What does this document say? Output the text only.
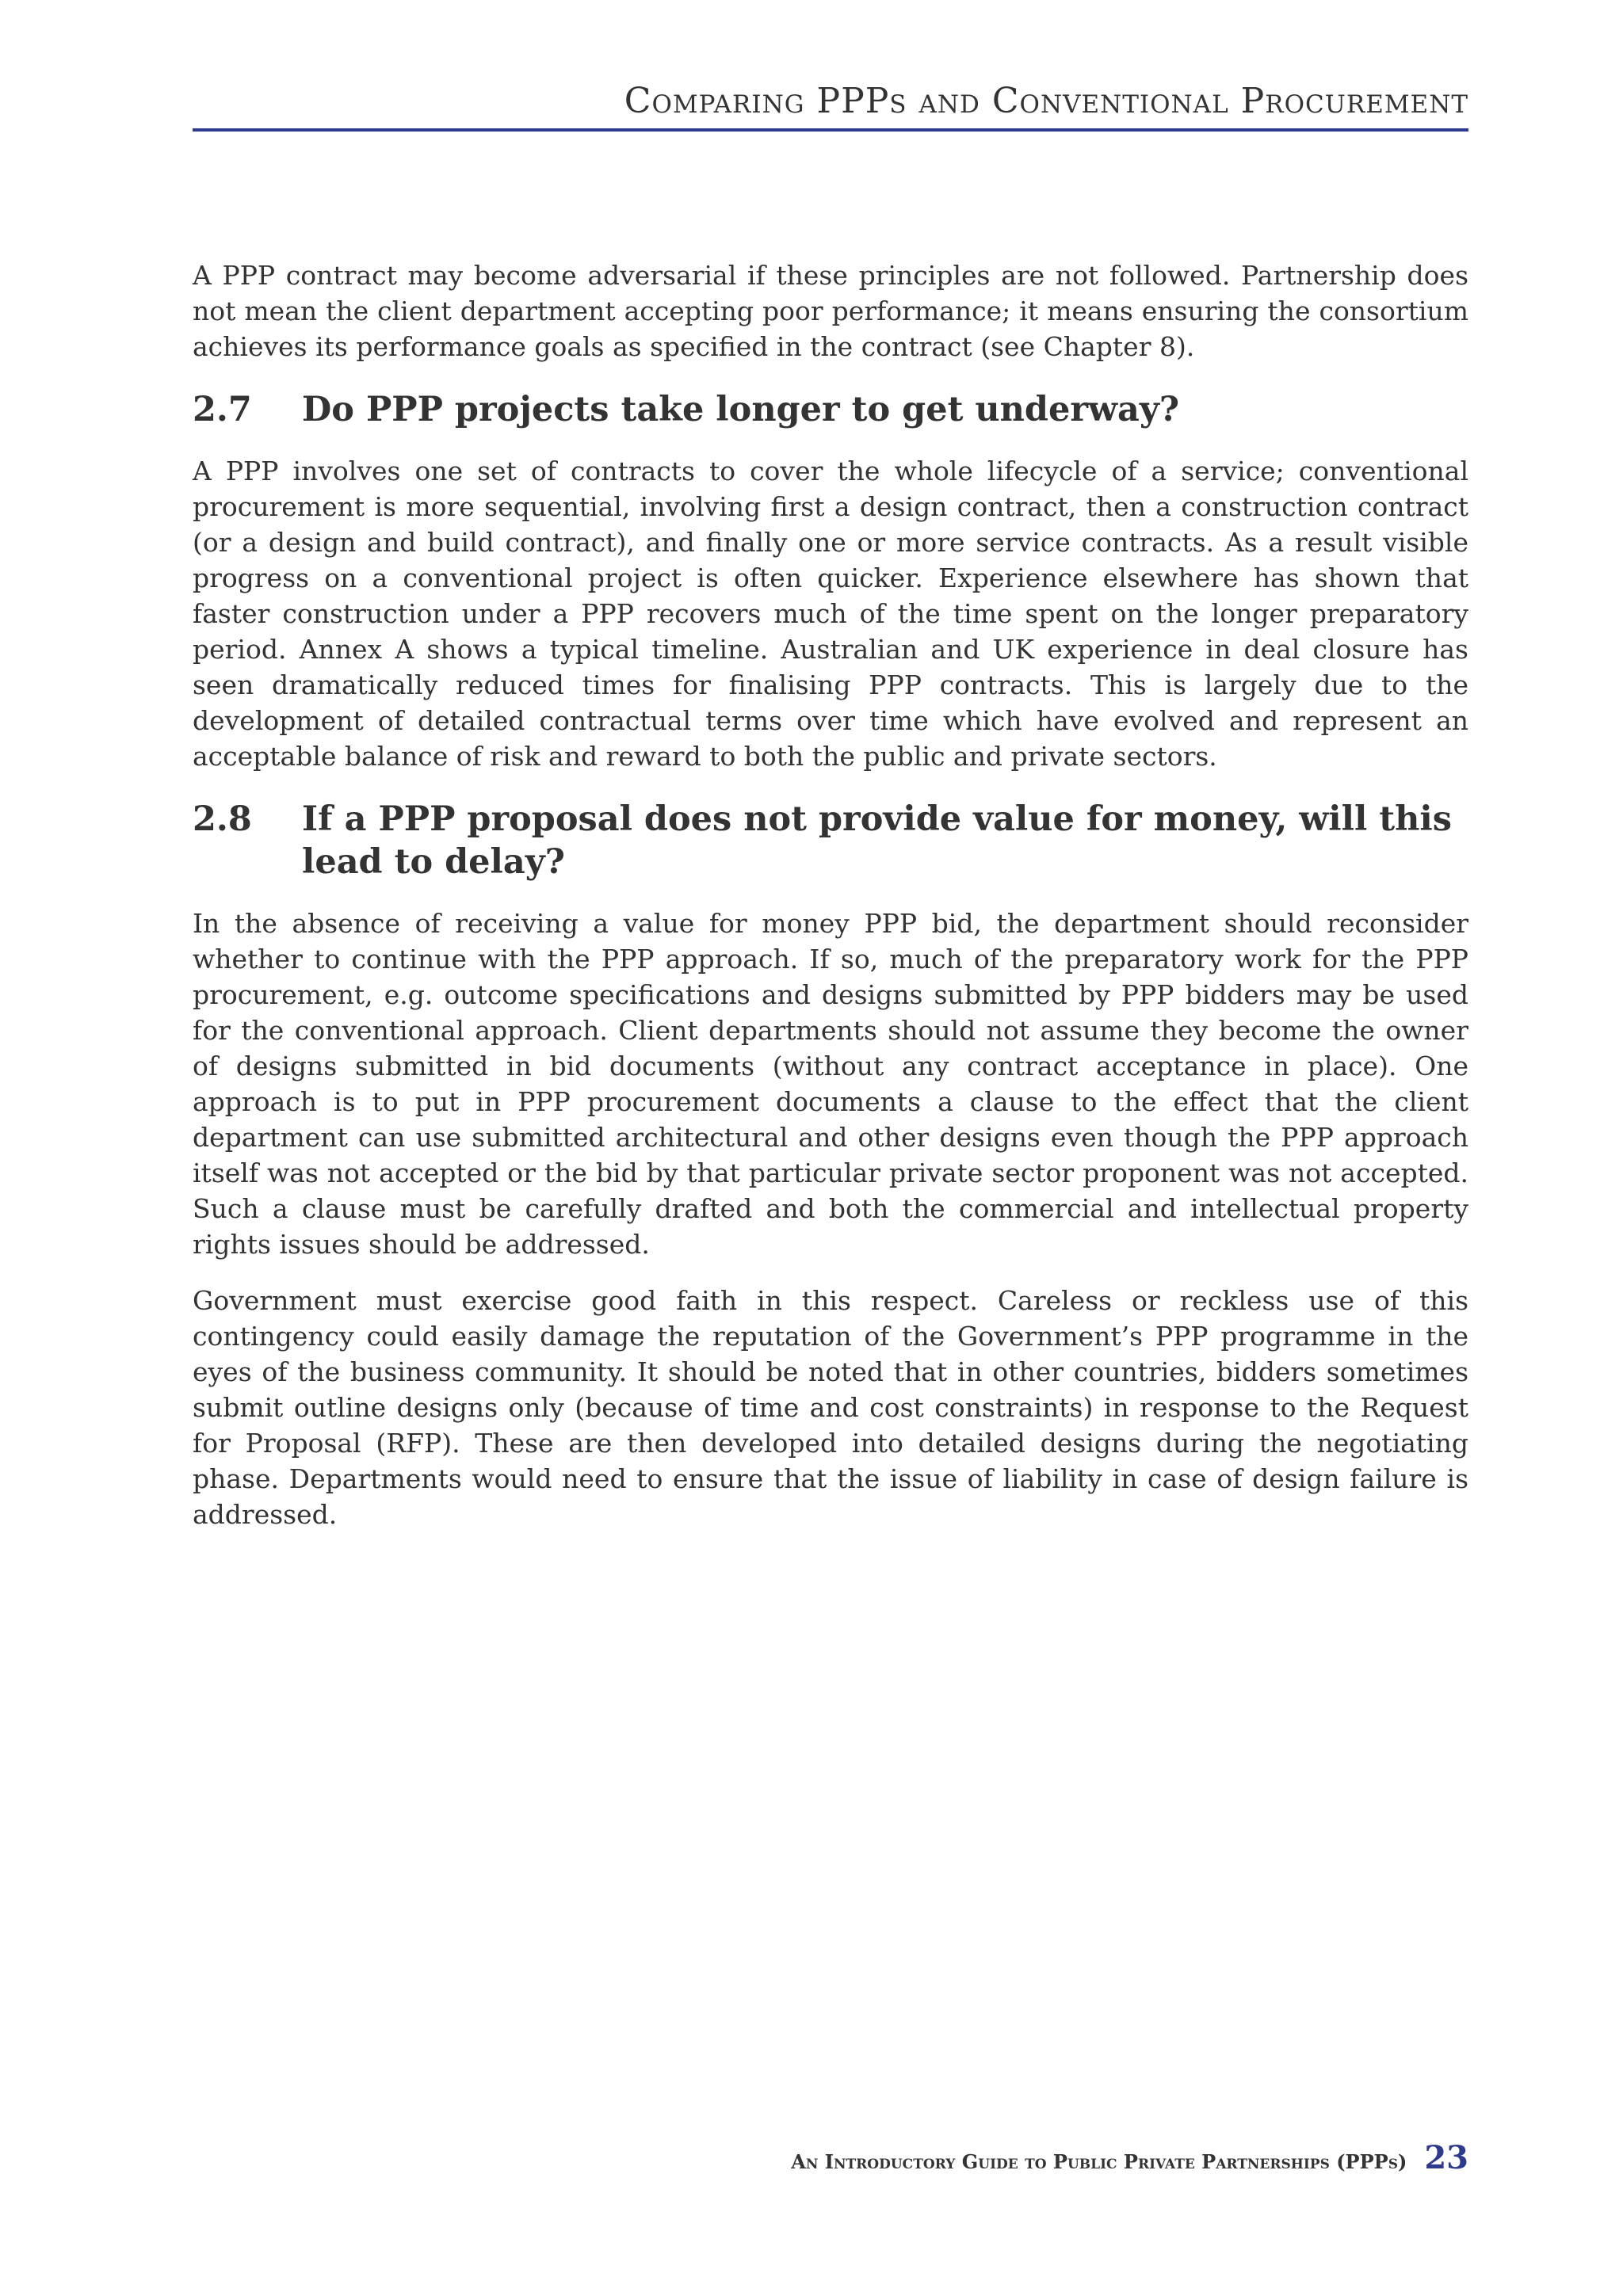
Comparing PPPs and Conventional Procurement

A PPP contract may become adversarial if these principles are not followed. Partnership does not mean the client department accepting poor performance; it means ensuring the consortium achieves its performance goals as specified in the contract (see Chapter 8).

2.7	Do PPP projects take longer to get underway?

A PPP involves one set of contracts to cover the whole lifecycle of a service; conventional procurement is more sequential, involving first a design contract, then a construction contract (or a design and build contract), and finally one or more service contracts. As a result visible progress on a conventional project is often quicker. Experience elsewhere has shown that faster construction under a PPP recovers much of the time spent on the longer preparatory period. Annex A shows a typical timeline. Australian and UK experience in deal closure has seen dramatically reduced times for finalising PPP contracts. This is largely due to the development of detailed contractual terms over time which have evolved and represent an acceptable balance of risk and reward to both the public and private sectors.

2.8	If a PPP proposal does not provide value for money, will this lead to delay?

In the absence of receiving a value for money PPP bid, the department should reconsider whether to continue with the PPP approach. If so, much of the preparatory work for the PPP procurement, e.g. outcome specifications and designs submitted by PPP bidders may be used for the conventional approach. Client departments should not assume they become the owner of designs submitted in bid documents (without any contract acceptance in place). One approach is to put in PPP procurement documents a clause to the effect that the client department can use submitted architectural and other designs even though the PPP approach itself was not accepted or the bid by that particular private sector proponent was not accepted. Such a clause must be carefully drafted and both the commercial and intellectual property rights issues should be addressed.

Government must exercise good faith in this respect. Careless or reckless use of this contingency could easily damage the reputation of the Government’s PPP programme in the eyes of the business community. It should be noted that in other countries, bidders sometimes submit outline designs only (because of time and cost constraints) in response to the Request for Proposal (RFP). These are then developed into detailed designs during the negotiating phase. Departments would need to ensure that the issue of liability in case of design failure is addressed.

An Introductory Guide to Public Private Partnerships (PPPs) 23
